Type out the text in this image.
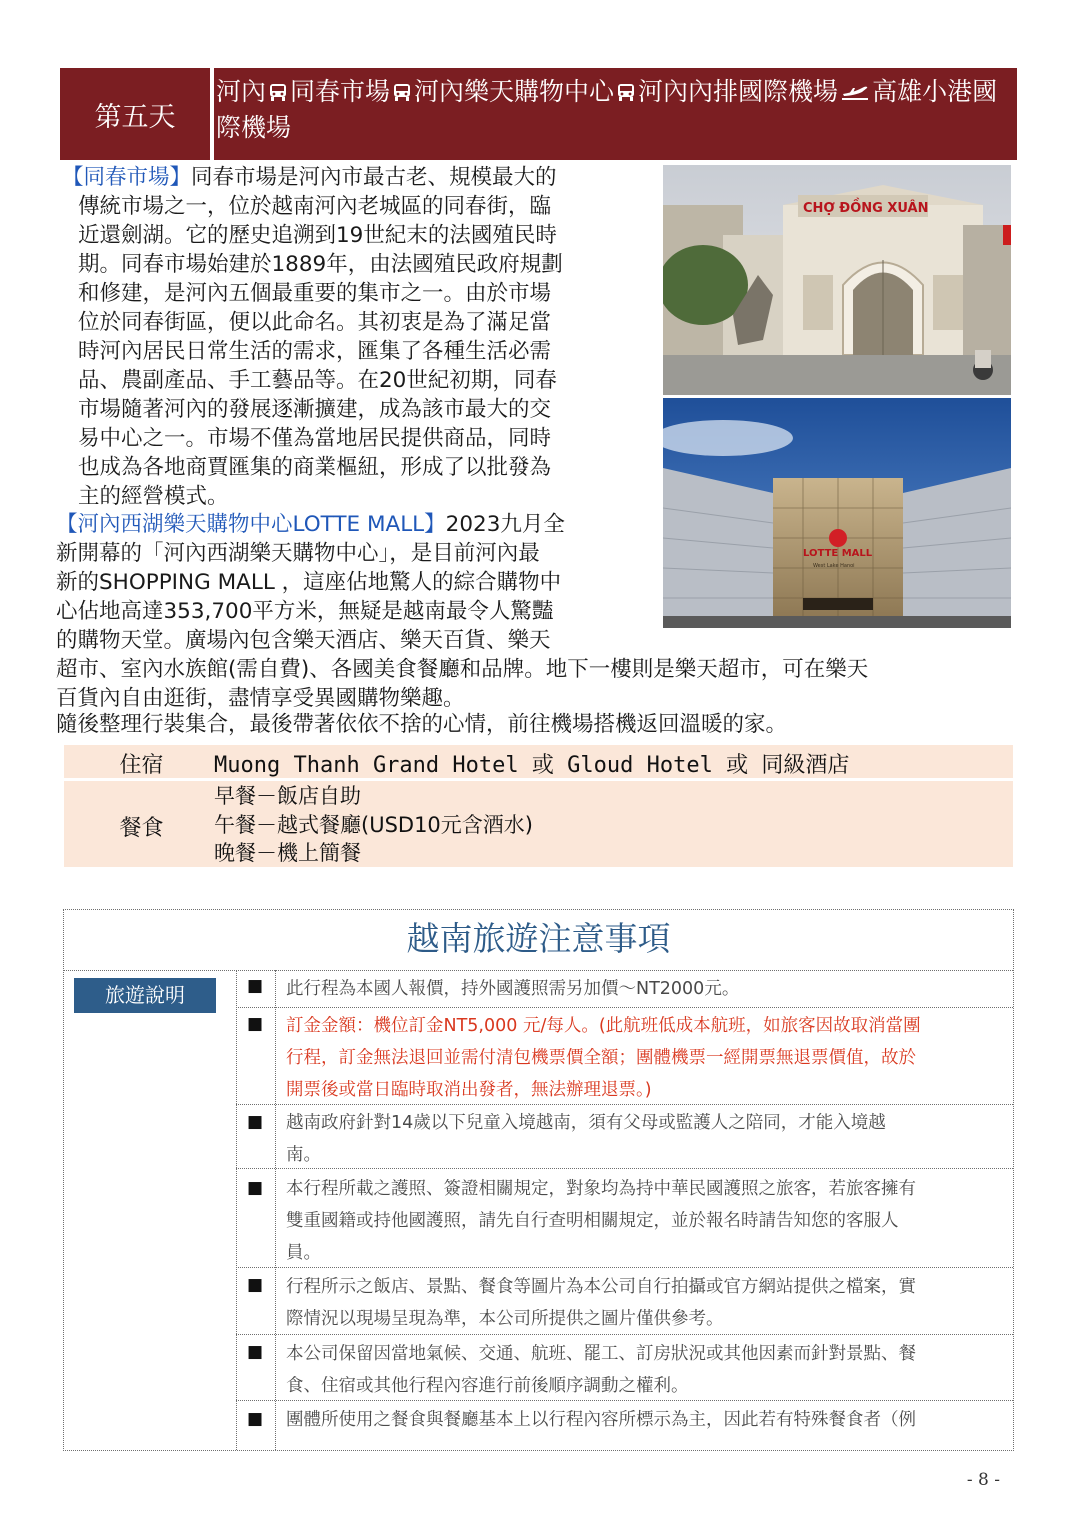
第五天
河內 同春市場 河內樂天購物中心 河內內排國際機場 高雄小港國際機場
【同春市場】同春市場是河內市最古老、規模最大的
傳統市場之一，位於越南河內老城區的同春街，臨
近還劍湖。它的歷史追溯到19世紀末的法國殖民時
期。同春市場始建於1889年，由法國殖民政府規劃
和修建，是河內五個最重要的集市之一。由於市場
位於同春街區，便以此命名。其初衷是為了滿足當
時河內居民日常生活的需求，匯集了各種生活必需
品、農副產品、手工藝品等。在20世紀初期，同春
市場隨著河內的發展逐漸擴建，成為該市最大的交
易中心之一。市場不僅為當地居民提供商品，同時
也成為各地商賈匯集的商業樞紐，形成了以批發為
主的經營模式。
CHỢ ĐỒNG XUÂN
LOTTE MALL
West Lake Hanoi
【河內西湖樂天購物中心LOTTE MALL】2023九月全
新開幕的「河內西湖樂天購物中心」，是目前河內最
新的SHOPPING MALL ，這座佔地驚人的綜合購物中
心佔地高達353,700平方米，無疑是越南最令人驚豔
的購物天堂。廣場內包含樂天酒店、樂天百貨、樂天
超市、室內水族館(需自費)、各國美食餐廳和品牌。地下一樓則是樂天超市，可在樂天
百貨內自由逛街，盡情享受異國購物樂趣。
隨後整理行裝集合，最後帶著依依不捨的心情，前往機場搭機返回溫暖的家。
住宿	Muong Thanh Grand Hotel 或 Gloud Hotel 或 同級酒店
餐食
早餐－飯店自助
午餐－越式餐廳(USD10元含酒水)
晚餐－機上簡餐
越南旅遊注意事項
旅遊說明	■ 此行程為本國人報價，持外國護照需另加價～NT2000元。
■ 訂金金額：機位訂金NT5,000 元/每人。(此航班低成本航班，如旅客因故取消當團
行程，訂金無法退回並需付清包機票價全額；團體機票一經開票無退票價值，故於
開票後或當日臨時取消出發者，無法辦理退票。)
■ 越南政府針對14歲以下兒童入境越南，須有父母或監護人之陪同，才能入境越
南。
■ 本行程所載之護照、簽證相關規定，對象均為持中華民國護照之旅客，若旅客擁有
雙重國籍或持他國護照，請先自行查明相關規定，並於報名時請告知您的客服人
員。
■ 行程所示之飯店、景點、餐食等圖片為本公司自行拍攝或官方網站提供之檔案，實
際情況以現場呈現為準，本公司所提供之圖片僅供參考。
■ 本公司保留因當地氣候、交通、航班、罷工、訂房狀況或其他因素而針對景點、餐
食、住宿或其他行程內容進行前後順序調動之權利。
■ 團體所使用之餐食與餐廳基本上以行程內容所標示為主，因此若有特殊餐食者（例
- 8 -
